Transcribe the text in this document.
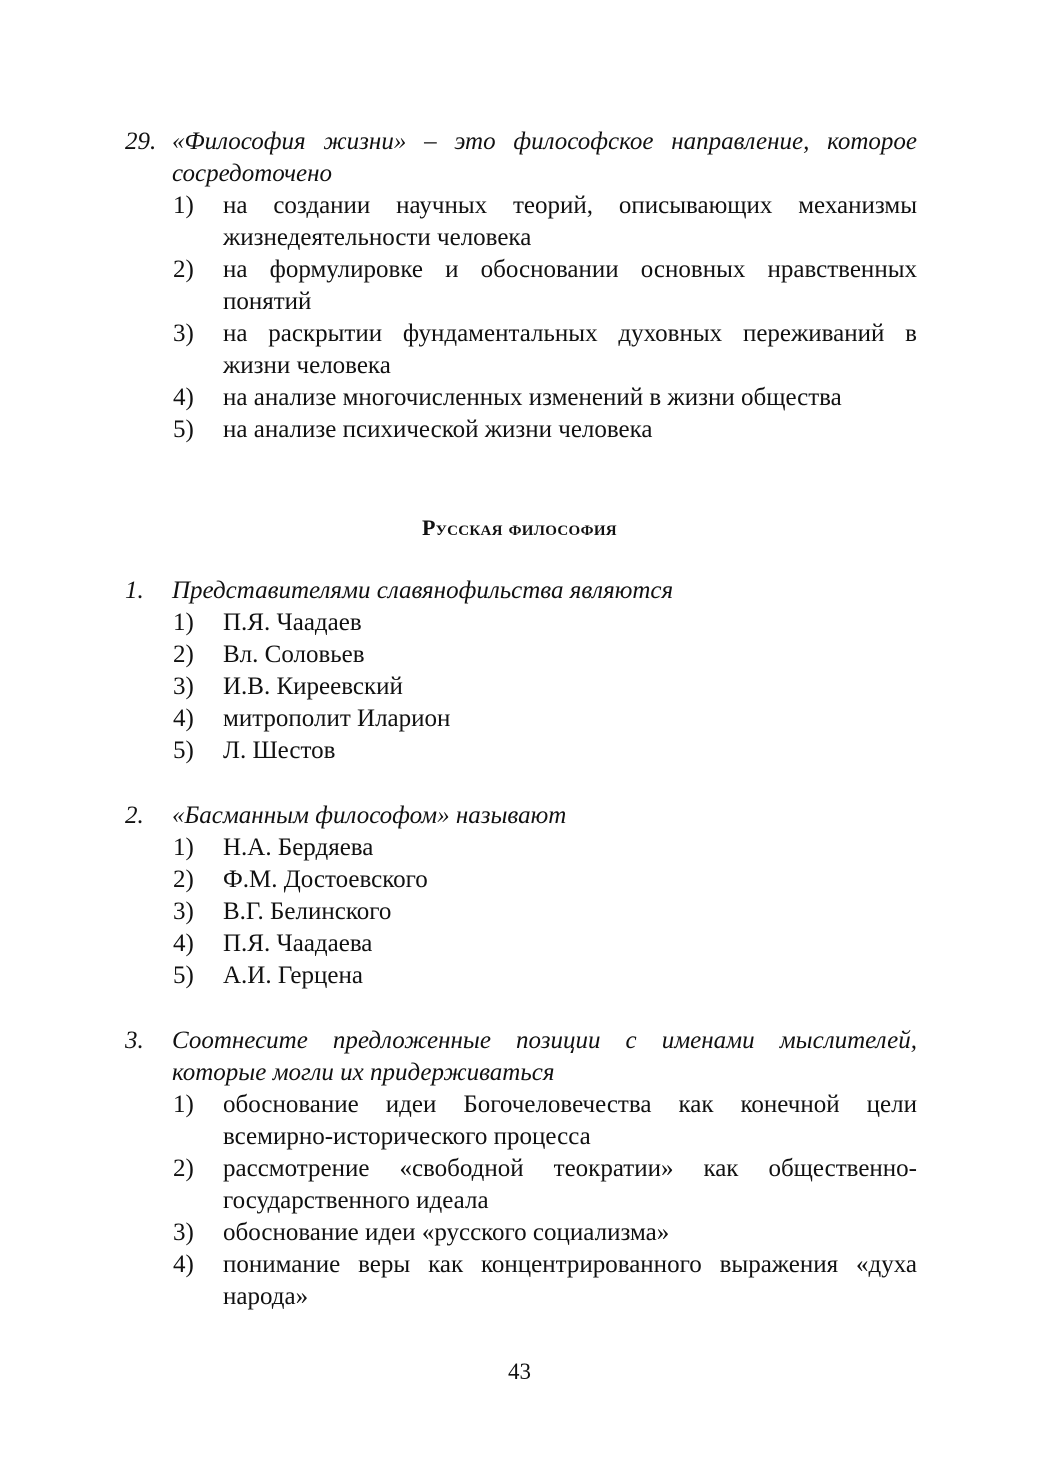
29. «Философия жизни» – это философское направление, которое сосредоточено
1) на создании научных теорий, описывающих механизмы жизнедеятельности человека
2) на формулировке и обосновании основных нравственных понятий
3) на раскрытии фундаментальных духовных переживаний в жизни человека
4) на анализе многочисленных изменений в жизни общества
5) на анализе психической жизни человека
Русская философия
1. Представителями славянофильства являются
1) П.Я. Чаадаев
2) Вл. Соловьев
3) И.В. Киреевский
4) митрополит Иларион
5) Л. Шестов
2. «Басманным философом» называют
1) Н.А. Бердяева
2) Ф.М. Достоевского
3) В.Г. Белинского
4) П.Я. Чаадаева
5) А.И. Герцена
3. Соотнесите предложенные позиции с именами мыслителей, которые могли их придерживаться
1) обоснование идеи Богочеловечества как конечной цели всемирно-исторического процесса
2) рассмотрение «свободной теократии» как общественно-государственного идеала
3) обоснование идеи «русского социализма»
4) понимание веры как концентрированного выражения «духа народа»
43
